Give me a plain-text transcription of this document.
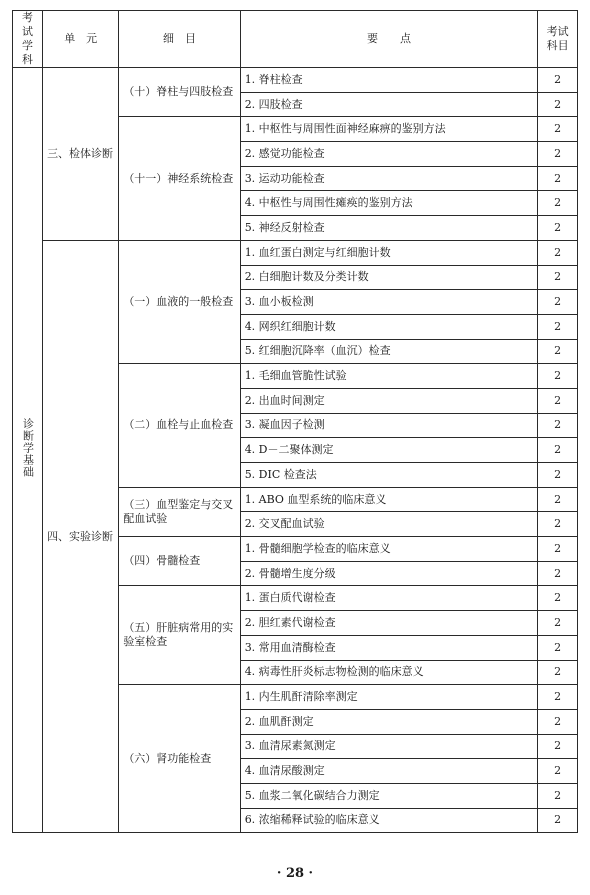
考试学科	单　元	细　目	要　　点	考试科目
诊断学基础	三、检体诊断	（十）脊柱与四肢检查	1. 脊柱检查	2
			2. 四肢检查	2
		（十一）神经系统检查	1. 中枢性与周围性面神经麻痹的鉴别方法	2
			2. 感觉功能检查	2
			3. 运动功能检查	2
			4. 中枢性与周围性瘫痪的鉴别方法	2
			5. 神经反射检查	2
	四、实验诊断	（一）血液的一般检查	1. 血红蛋白测定与红细胞计数	2
			2. 白细胞计数及分类计数	2
			3. 血小板检测	2
			4. 网织红细胞计数	2
			5. 红细胞沉降率（血沉）检查	2
		（二）血栓与止血检查	1. 毛细血管脆性试验	2
			2. 出血时间测定	2
			3. 凝血因子检测	2
			4. D－二聚体测定	2
			5. DIC 检查法	2
		（三）血型鉴定与交叉配血试验	1. ABO 血型系统的临床意义	2
			2. 交叉配血试验	2
		（四）骨髓检查	1. 骨髓细胞学检查的临床意义	2
			2. 骨髓增生度分级	2
		（五）肝脏病常用的实验室检查	1. 蛋白质代谢检查	2
			2. 胆红素代谢检查	2
			3. 常用血清酶检查	2
			4. 病毒性肝炎标志物检测的临床意义	2
		（六）肾功能检查	1. 内生肌酐清除率测定	2
			2. 血肌酐测定	2
			3. 血清尿素氮测定	2
			4. 血清尿酸测定	2
			5. 血浆二氧化碳结合力测定	2
			6. 浓缩稀释试验的临床意义	2
· 28 ·
